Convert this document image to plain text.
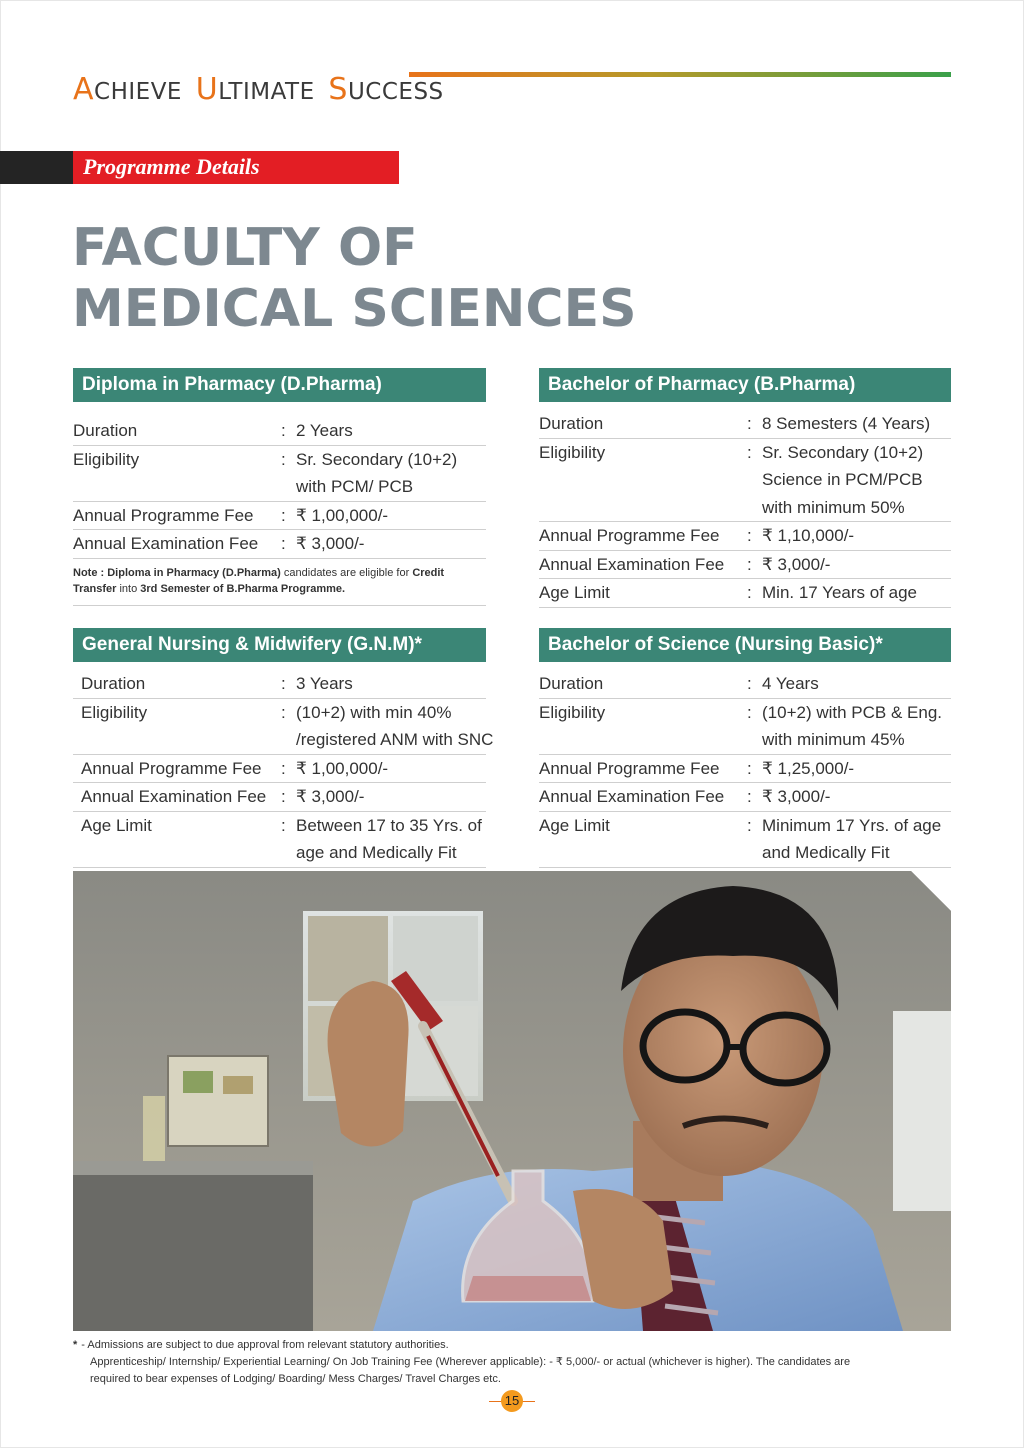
ACHIEVE ULTIMATE SUCCESS
Programme Details
FACULTY OF
MEDICAL SCIENCES
Diploma in Pharmacy (D.Pharma)
Duration	: 2 Years
Eligibility	: Sr. Secondary (10+2)
with PCM/ PCB
Annual Programme Fee	: ₹ 1,00,000/-
Annual Examination Fee	: ₹ 3,000/-
Note : Diploma in Pharmacy (D.Pharma) candidates are eligible for Credit Transfer into 3rd Semester of B.Pharma Programme.
Bachelor of Pharmacy (B.Pharma)
Duration	: 8 Semesters (4 Years)
Eligibility	: Sr. Secondary (10+2)
Science in PCM/PCB
with minimum 50%
Annual Programme Fee	: ₹ 1,10,000/-
Annual Examination Fee	: ₹ 3,000/-
Age Limit	: Min. 17 Years of age
General Nursing & Midwifery (G.N.M)*
Duration	: 3 Years
Eligibility	: (10+2) with min 40%
/registered ANM with SNC
Annual Programme Fee	: ₹ 1,00,000/-
Annual Examination Fee : ₹ 3,000/-
Age Limit	: Between 17 to 35 Yrs. of
age and Medically Fit
Bachelor of Science (Nursing Basic)*
Duration	: 4 Years
Eligibility	: (10+2) with PCB & Eng.
with minimum 45%
Annual Programme Fee	: ₹ 1,25,000/-
Annual Examination Fee	: ₹ 3,000/-
Age Limit	: Minimum 17 Yrs. of age
and Medically Fit
* - Admissions are subject to due approval from relevant statutory authorities.
Apprenticeship/ Internship/ Experiential Learning/ On Job Training Fee (Wherever applicable): - ₹ 5,000/- or actual (whichever is higher). The candidates are
required to bear expenses of Lodging/ Boarding/ Mess Charges/ Travel Charges etc.
15
